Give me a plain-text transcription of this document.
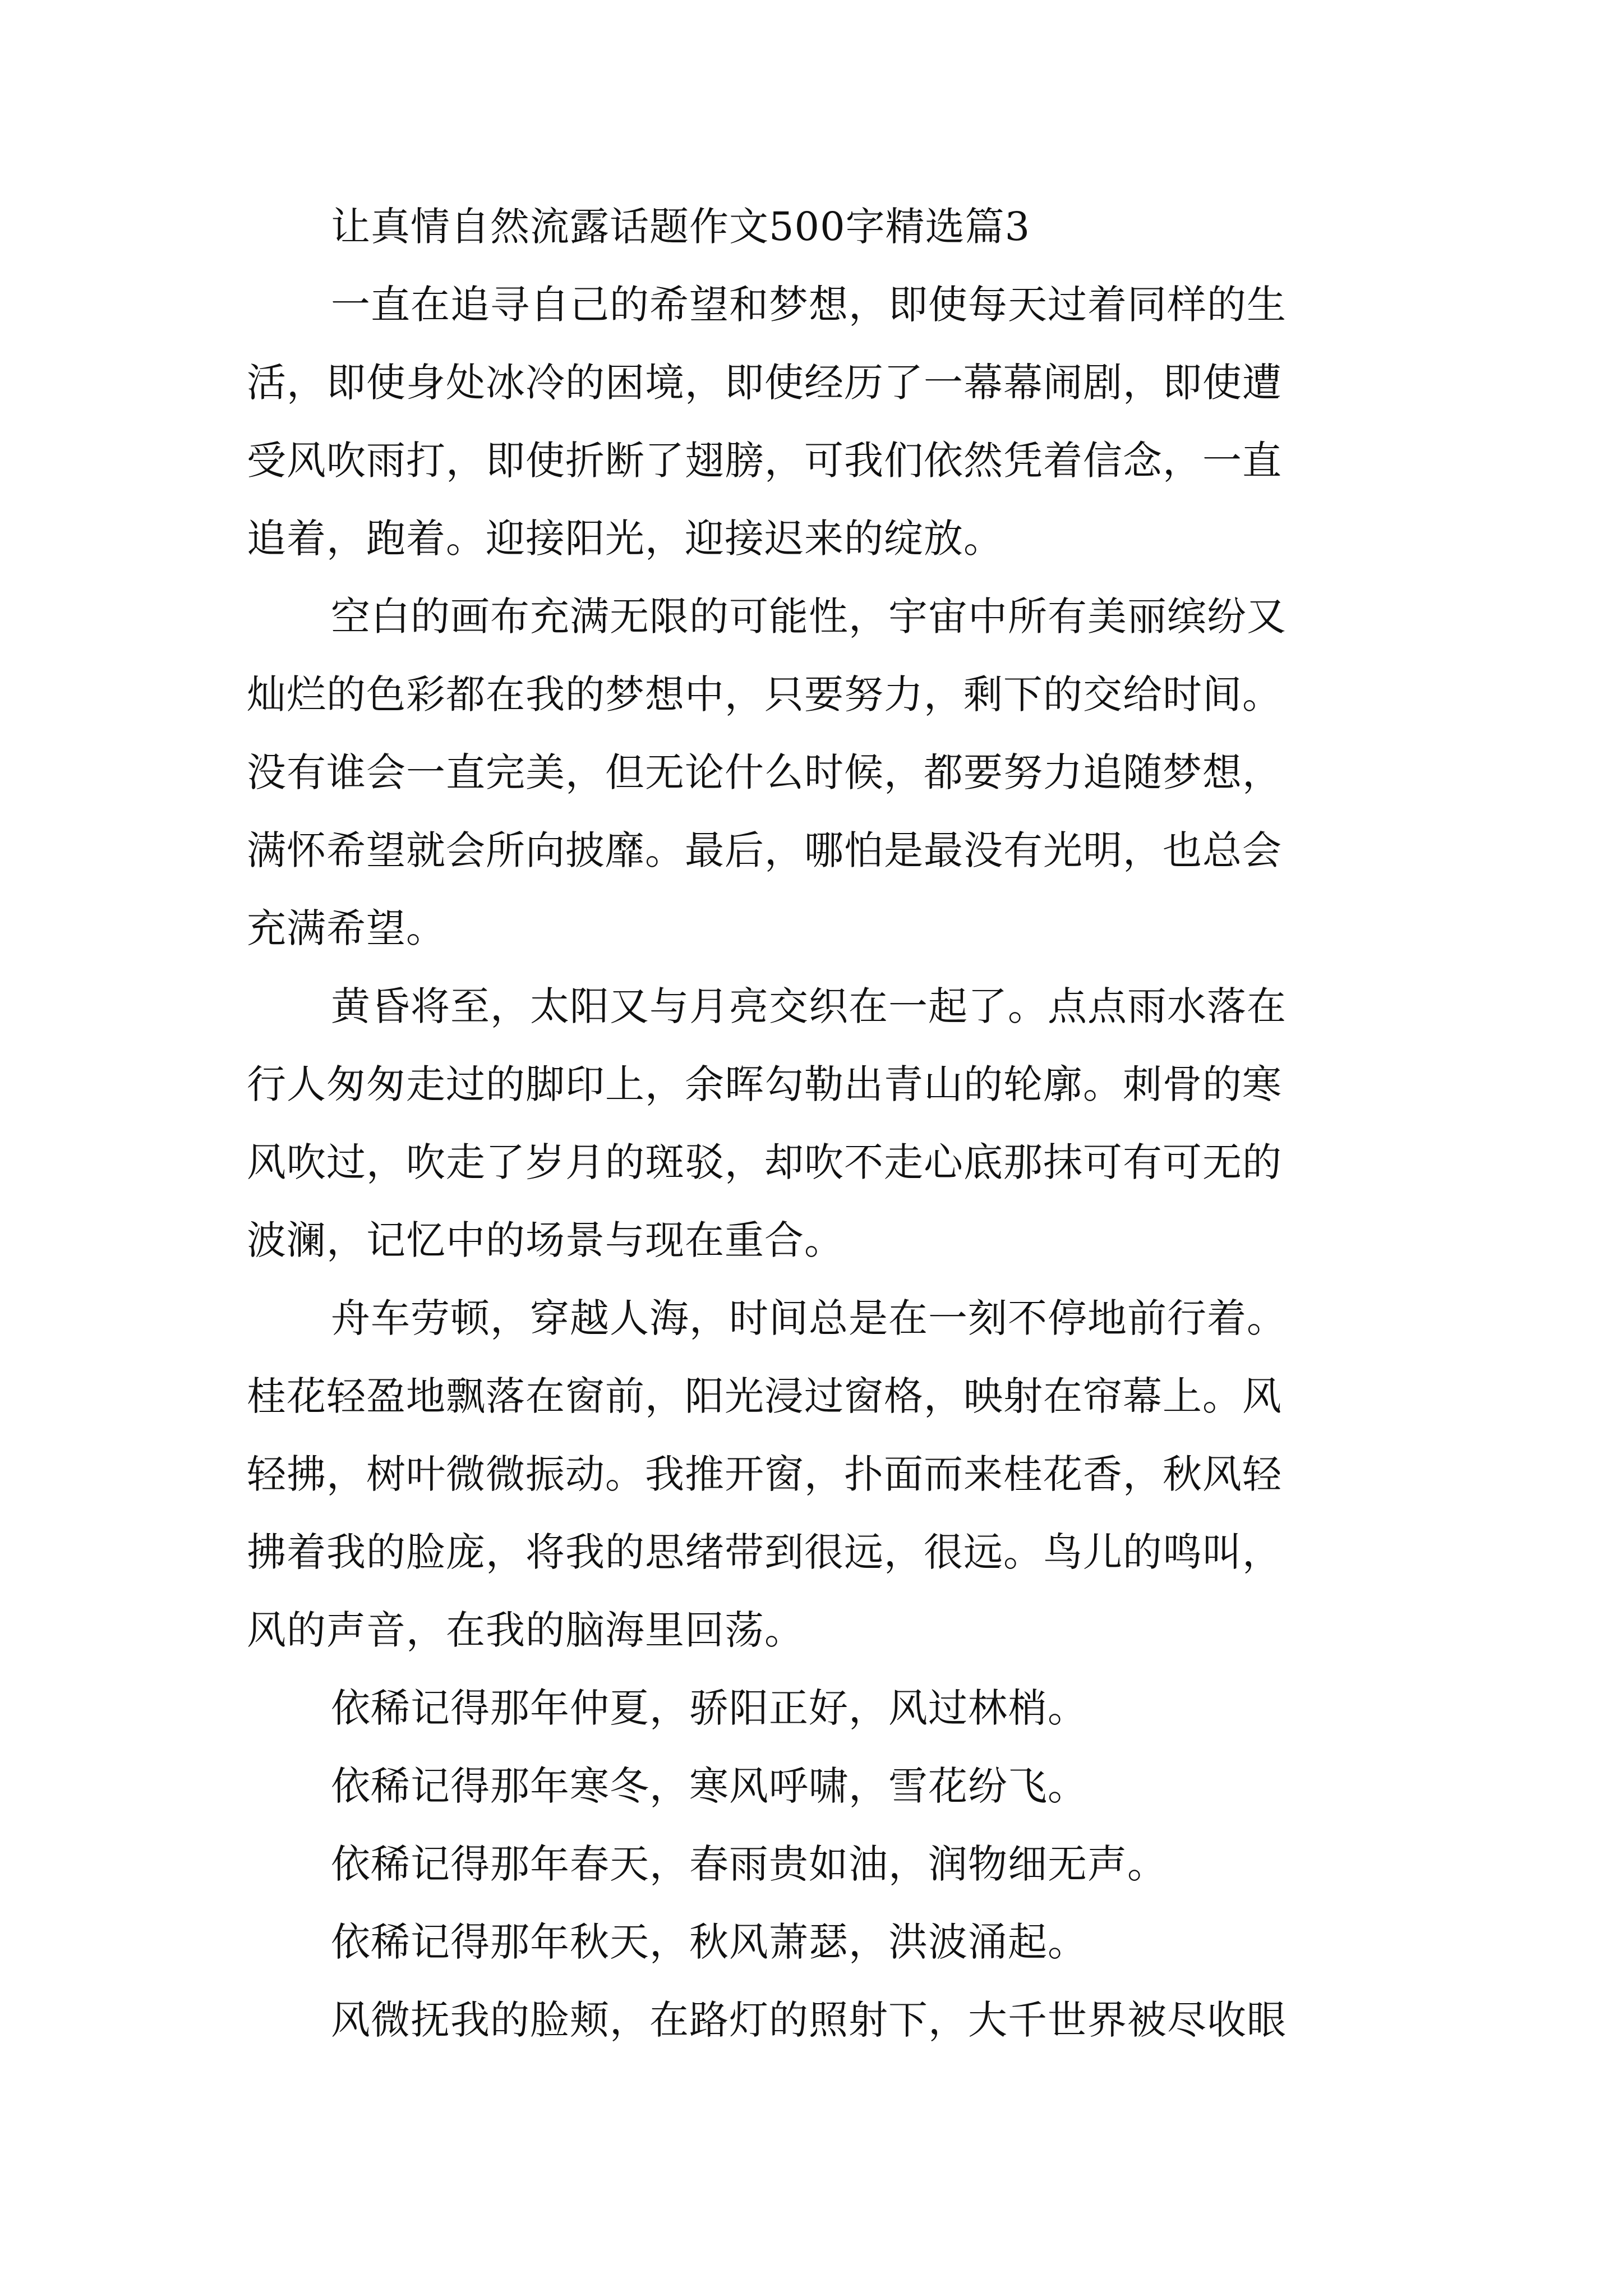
让真情自然流露话题作文500字精选篇3
一直在追寻自己的希望和梦想，即使每天过着同样的生
活，即使身处冰冷的困境，即使经历了一幕幕闹剧，即使遭
受风吹雨打，即使折断了翅膀，可我们依然凭着信念，一直
追着，跑着。迎接阳光，迎接迟来的绽放。
空白的画布充满无限的可能性，宇宙中所有美丽缤纷又
灿烂的色彩都在我的梦想中，只要努力，剩下的交给时间。
没有谁会一直完美，但无论什么时候，都要努力追随梦想，
满怀希望就会所向披靡。最后，哪怕是最没有光明，也总会
充满希望。
黄昏将至，太阳又与月亮交织在一起了。点点雨水落在
行人匆匆走过的脚印上，余晖勾勒出青山的轮廓。刺骨的寒
风吹过，吹走了岁月的斑驳，却吹不走心底那抹可有可无的
波澜，记忆中的场景与现在重合。
舟车劳顿，穿越人海，时间总是在一刻不停地前行着。
桂花轻盈地飘落在窗前，阳光浸过窗格，映射在帘幕上。风
轻拂，树叶微微振动。我推开窗，扑面而来桂花香，秋风轻
拂着我的脸庞，将我的思绪带到很远，很远。鸟儿的鸣叫，
风的声音，在我的脑海里回荡。
依稀记得那年仲夏，骄阳正好，风过林梢。
依稀记得那年寒冬，寒风呼啸，雪花纷飞。
依稀记得那年春天，春雨贵如油，润物细无声。
依稀记得那年秋天，秋风萧瑟，洪波涌起。
风微抚我的脸颊，在路灯的照射下，大千世界被尽收眼
